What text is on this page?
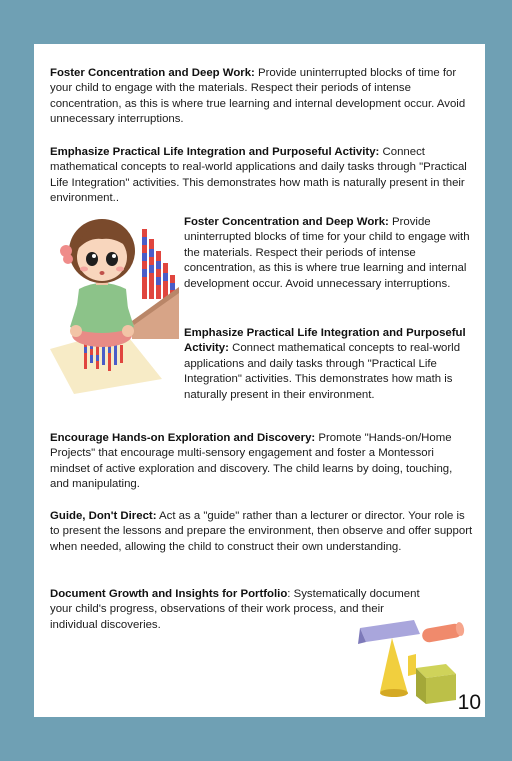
Foster Concentration and Deep Work: Provide uninterrupted blocks of time for your child to engage with the materials. Respect their periods of intense concentration, as this is where true learning and internal development occur. Avoid unnecessary interruptions.

Emphasize Practical Life Integration and Purposeful Activity: Connect mathematical concepts to real-world applications and daily tasks through "Practical Life Integration" activities. This demonstrates how math is naturally present in their environment..

Foster Concentration and Deep Work: Provide uninterrupted blocks of time for your child to engage with the materials. Respect their periods of intense concentration, as this is where true learning and internal development occur. Avoid unnecessary interruptions.

Emphasize Practical Life Integration and Purposeful Activity: Connect mathematical concepts to real-world applications and daily tasks through "Practical Life Integration" activities. This demonstrates how math is naturally present in their environment.

Encourage Hands-on Exploration and Discovery: Promote "Hands-on/Home Projects" that encourage multi-sensory engagement and foster a Montessori mindset of active exploration and discovery. The child learns by doing, touching, and manipulating.

Guide, Don't Direct: Act as a "guide" rather than a lecturer or director. Your role is to present the lessons and prepare the environment, then observe and offer support when needed, allowing the child to construct their own understanding.

Document Growth and Insights for Portfolio: Systematically document your child's progress, observations of their work process, and their individual discoveries.

10
